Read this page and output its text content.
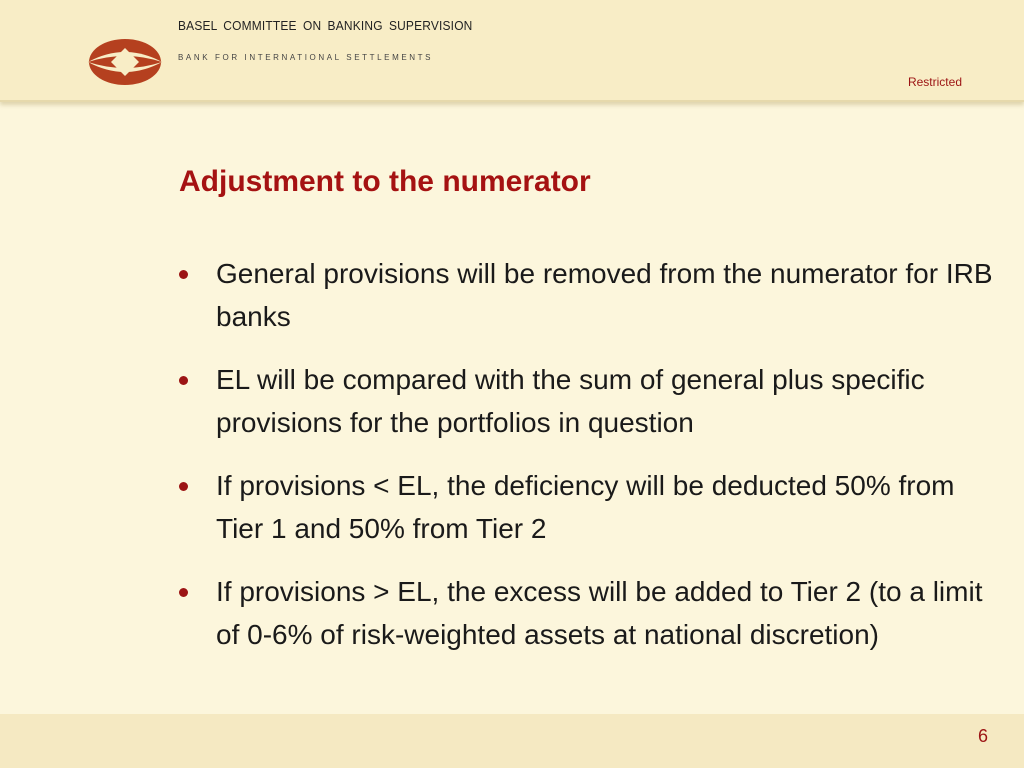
BASEL COMMITTEE ON BANKING SUPERVISION
BANK FOR INTERNATIONAL SETTLEMENTS
Restricted
Adjustment to the numerator
General provisions will be removed from the numerator for IRB banks
EL will be compared with the sum of general plus specific provisions for the portfolios in question
If provisions < EL, the deficiency will be deducted 50% from Tier 1 and 50% from Tier 2
If provisions > EL, the excess will be added to Tier 2 (to a limit of 0-6% of risk-weighted assets at national discretion)
6
